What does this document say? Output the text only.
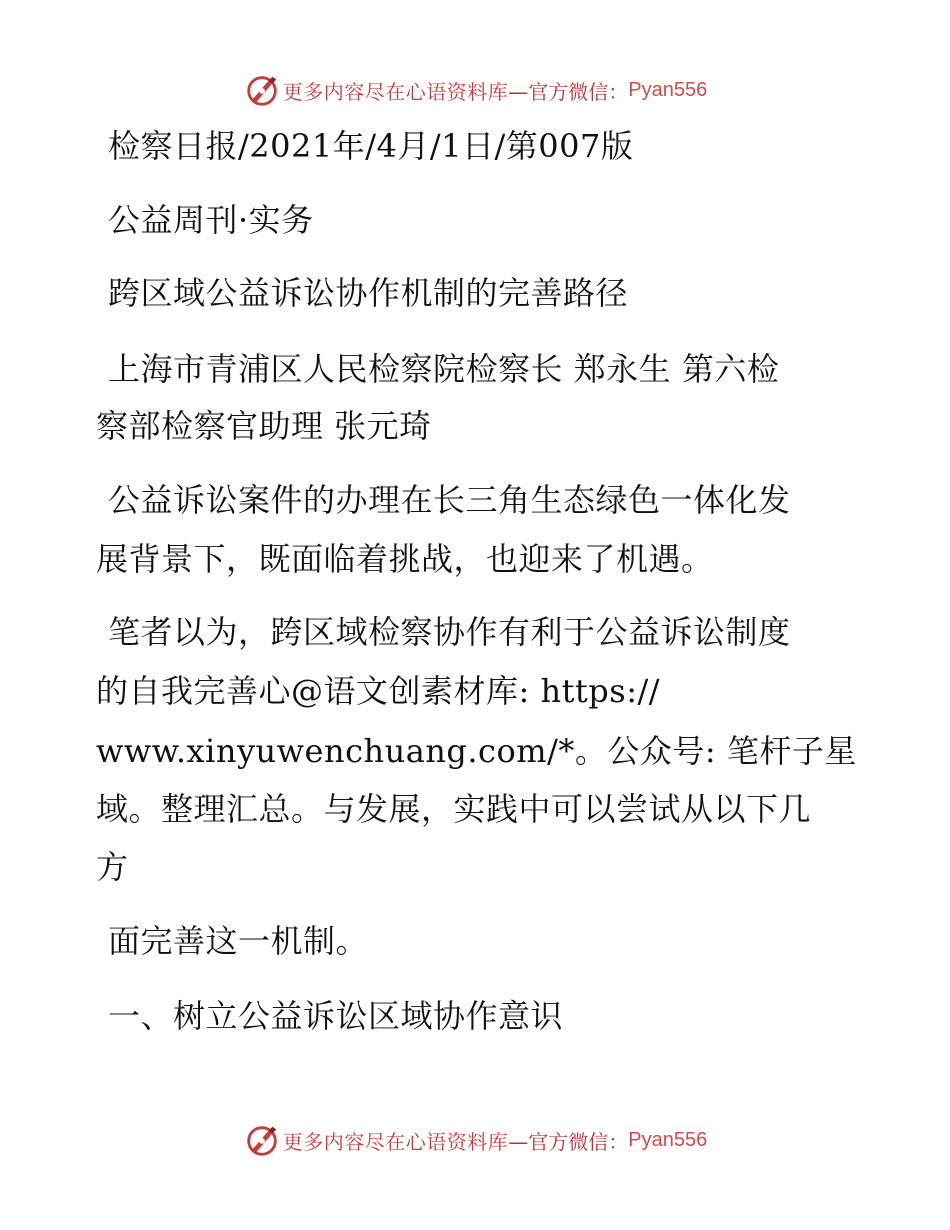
更多内容尽在心语资料库 —官方微信： Pyan556
检察日报/2021年/4月/1日/第007版
公益周刊·实务
跨区域公益诉讼协作机制的完善路径
上海市青浦区人民检察院检察长 郑永生 第六检
察部检察官助理 张元琦
公益诉讼案件的办理在长三角生态绿色一体化发
展背景下，既面临着挑战，也迎来了机遇。
笔者以为，跨区域检察协作有利于公益诉讼制度
的自我完善心@语文创素材库: https://
www.xinyuwenchuang.com/*。公众号: 笔杆子星
域。整理汇总。与发展，实践中可以尝试从以下几
方
面完善这一机制。
一、树立公益诉讼区域协作意识
更多内容尽在心语资料库 —官方微信： Pyan556
